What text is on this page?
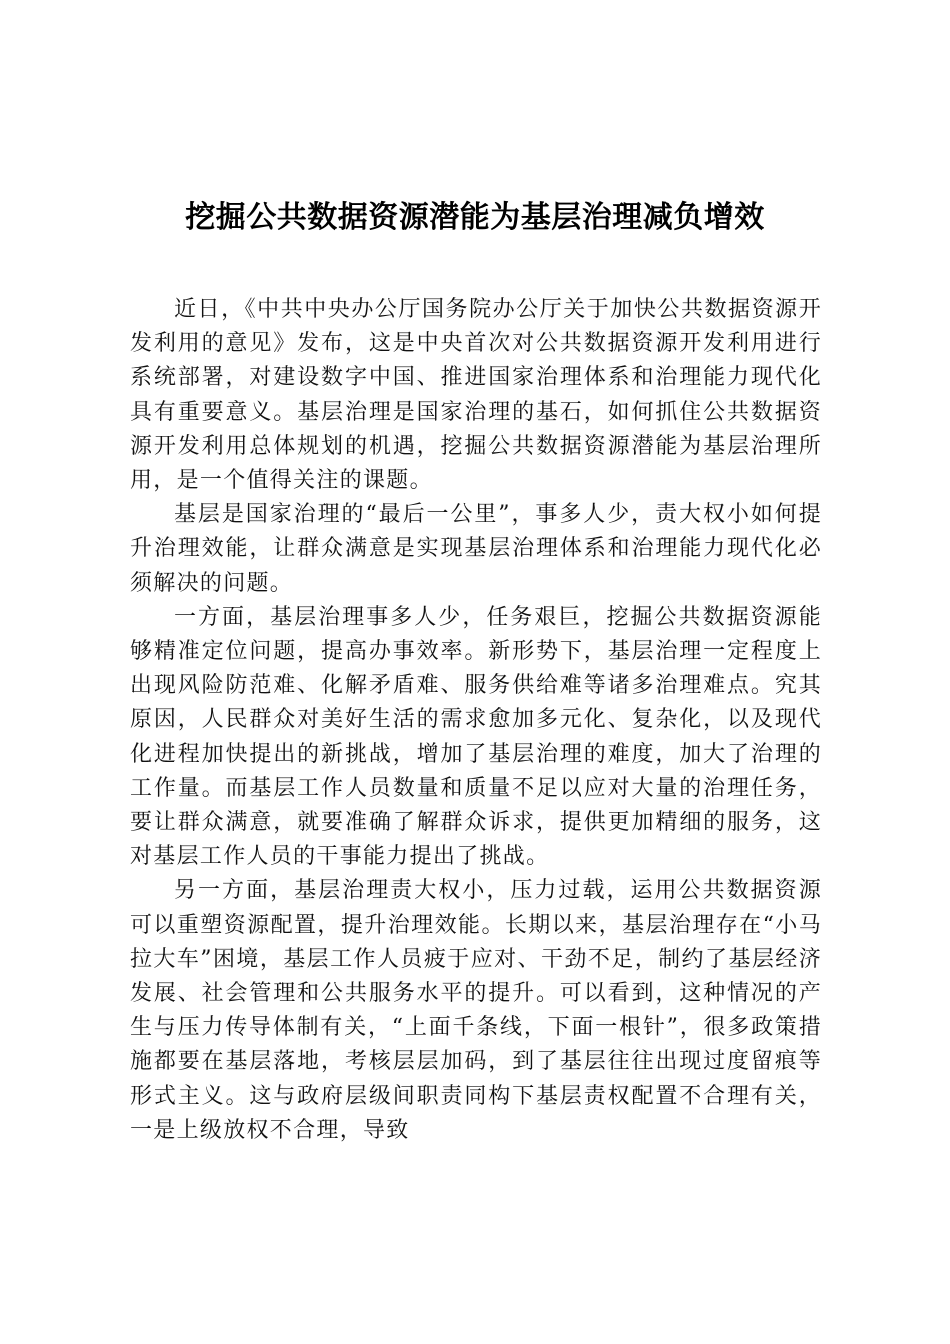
挖掘公共数据资源潜能为基层治理减负增效

近日，《中共中央办公厅国务院办公厅关于加快公共数据资源开发利用的意见》发布，这是中央首次对公共数据资源开发利用进行系统部署，对建设数字中国、推进国家治理体系和治理能力现代化具有重要意义。基层治理是国家治理的基石，如何抓住公共数据资源开发利用总体规划的机遇，挖掘公共数据资源潜能为基层治理所用，是一个值得关注的课题。

基层是国家治理的“最后一公里”，事多人少，责大权小如何提升治理效能，让群众满意是实现基层治理体系和治理能力现代化必须解决的问题。

一方面，基层治理事多人少，任务艰巨，挖掘公共数据资源能够精准定位问题，提高办事效率。新形势下，基层治理一定程度上出现风险防范难、化解矛盾难、服务供给难等诸多治理难点。究其原因，人民群众对美好生活的需求愈加多元化、复杂化，以及现代化进程加快提出的新挑战，增加了基层治理的难度，加大了治理的工作量。而基层工作人员数量和质量不足以应对大量的治理任务，要让群众满意，就要准确了解群众诉求，提供更加精细的服务，这对基层工作人员的干事能力提出了挑战。

另一方面，基层治理责大权小，压力过载，运用公共数据资源可以重塑资源配置，提升治理效能。长期以来，基层治理存在“小马拉大车”困境，基层工作人员疲于应对、干劲不足，制约了基层经济发展、社会管理和公共服务水平的提升。可以看到，这种情况的产生与压力传导体制有关，“上面千条线，下面一根针”，很多政策措施都要在基层落地，考核层层加码，到了基层往往出现过度留痕等形式主义。这与政府层级间职责同构下基层责权配置不合理有关，一是上级放权不合理，导致
